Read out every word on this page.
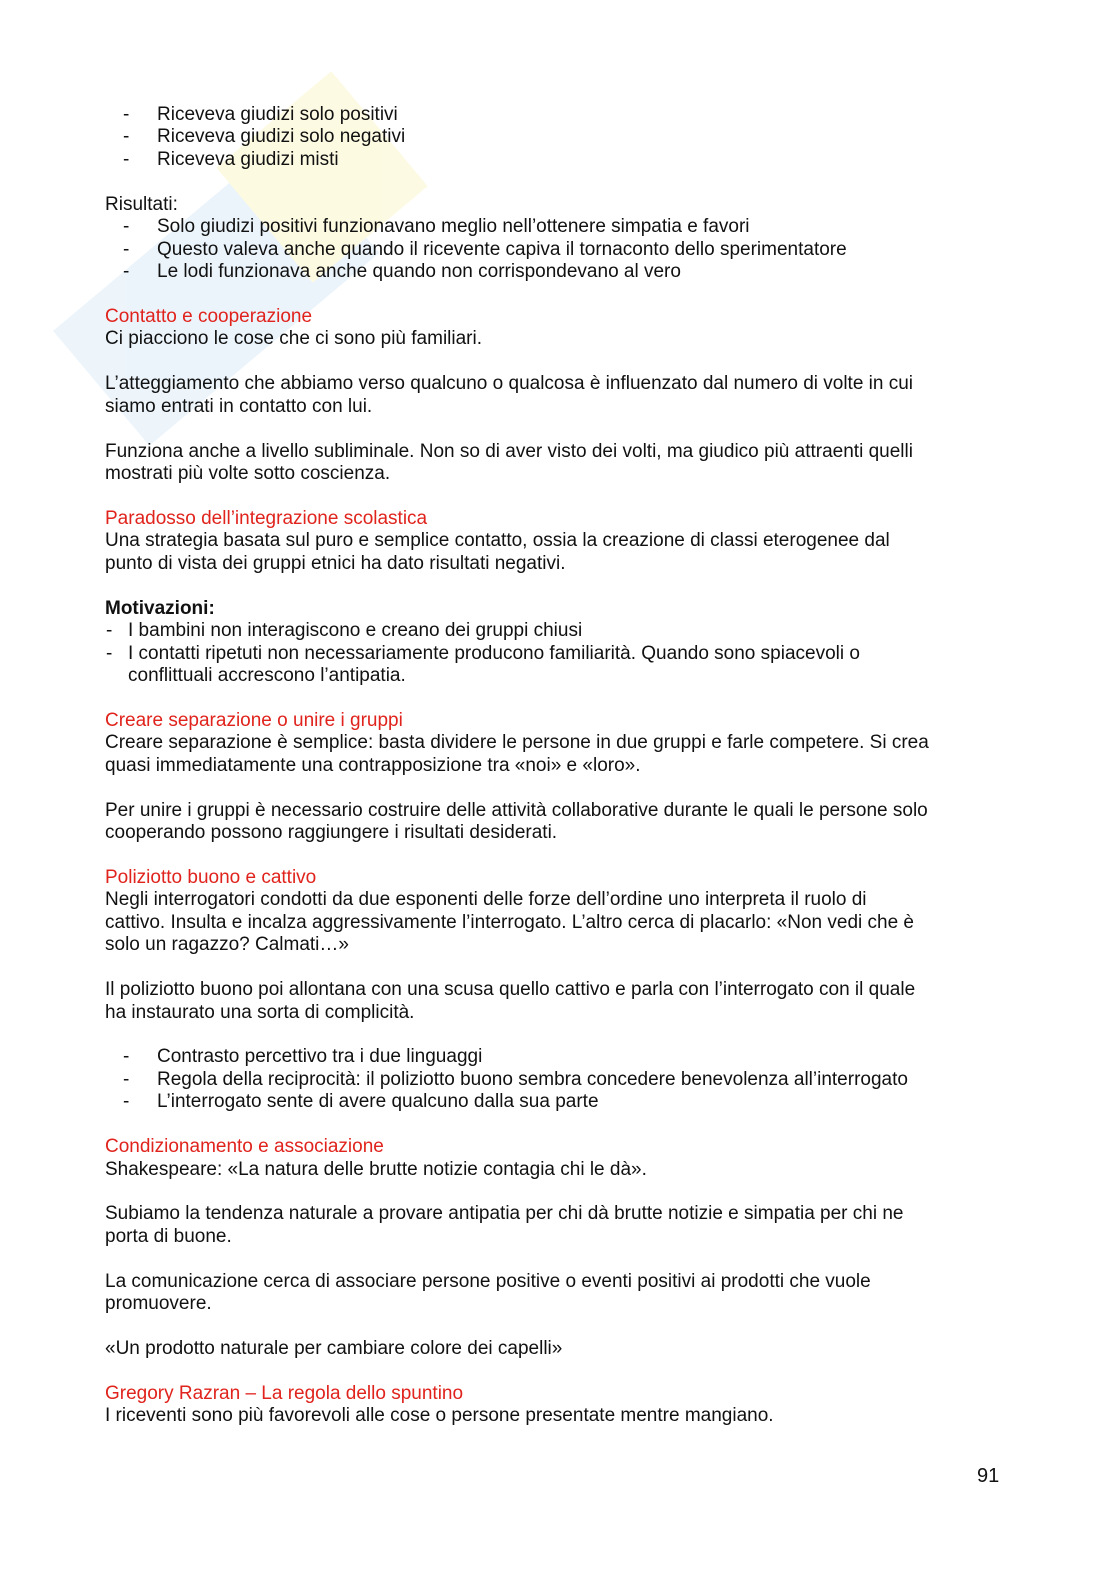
- Riceveva giudizi solo positivi
- Riceveva giudizi solo negativi
- Riceveva giudizi misti
Risultati:
- Solo giudizi positivi funzionavano meglio nell’ottenere simpatia e favori
- Questo valeva anche quando il ricevente capiva il tornaconto dello sperimentatore
- Le lodi funzionava anche quando non corrispondevano al vero
Contatto e cooperazione
Ci piacciono le cose che ci sono più familiari.
L’atteggiamento che abbiamo verso qualcuno o qualcosa è influenzato dal numero di volte in cui
siamo entrati in contatto con lui.
Funziona anche a livello subliminale. Non so di aver visto dei volti, ma giudico più attraenti quelli
mostrati più volte sotto coscienza.
Paradosso dell’integrazione scolastica
Una strategia basata sul puro e semplice contatto, ossia la creazione di classi eterogenee dal
punto di vista dei gruppi etnici ha dato risultati negativi.
Motivazioni:
- I bambini non interagiscono e creano dei gruppi chiusi
- I contatti ripetuti non necessariamente producono familiarità. Quando sono spiacevoli o
conflittuali accrescono l’antipatia.
Creare separazione o unire i gruppi
Creare separazione è semplice: basta dividere le persone in due gruppi e farle competere. Si crea
quasi immediatamente una contrapposizione tra «noi» e «loro».
Per unire i gruppi è necessario costruire delle attività collaborative durante le quali le persone solo
cooperando possono raggiungere i risultati desiderati.
Poliziotto buono e cattivo
Negli interrogatori condotti da due esponenti delle forze dell’ordine uno interpreta il ruolo di
cattivo. Insulta e incalza aggressivamente l’interrogato. L’altro cerca di placarlo: «Non vedi che è
solo un ragazzo? Calmati…»
Il poliziotto buono poi allontana con una scusa quello cattivo e parla con l’interrogato con il quale
ha instaurato una sorta di complicità.
- Contrasto percettivo tra i due linguaggi
- Regola della reciprocità: il poliziotto buono sembra concedere benevolenza all’interrogato
- L’interrogato sente di avere qualcuno dalla sua parte
Condizionamento e associazione
Shakespeare: «La natura delle brutte notizie contagia chi le dà».
Subiamo la tendenza naturale a provare antipatia per chi dà brutte notizie e simpatia per chi ne
porta di buone.
La comunicazione cerca di associare persone positive o eventi positivi ai prodotti che vuole
promuovere.
«Un prodotto naturale per cambiare colore dei capelli»
Gregory Razran – La regola dello spuntino
I riceventi sono più favorevoli alle cose o persone presentate mentre mangiano.
91
